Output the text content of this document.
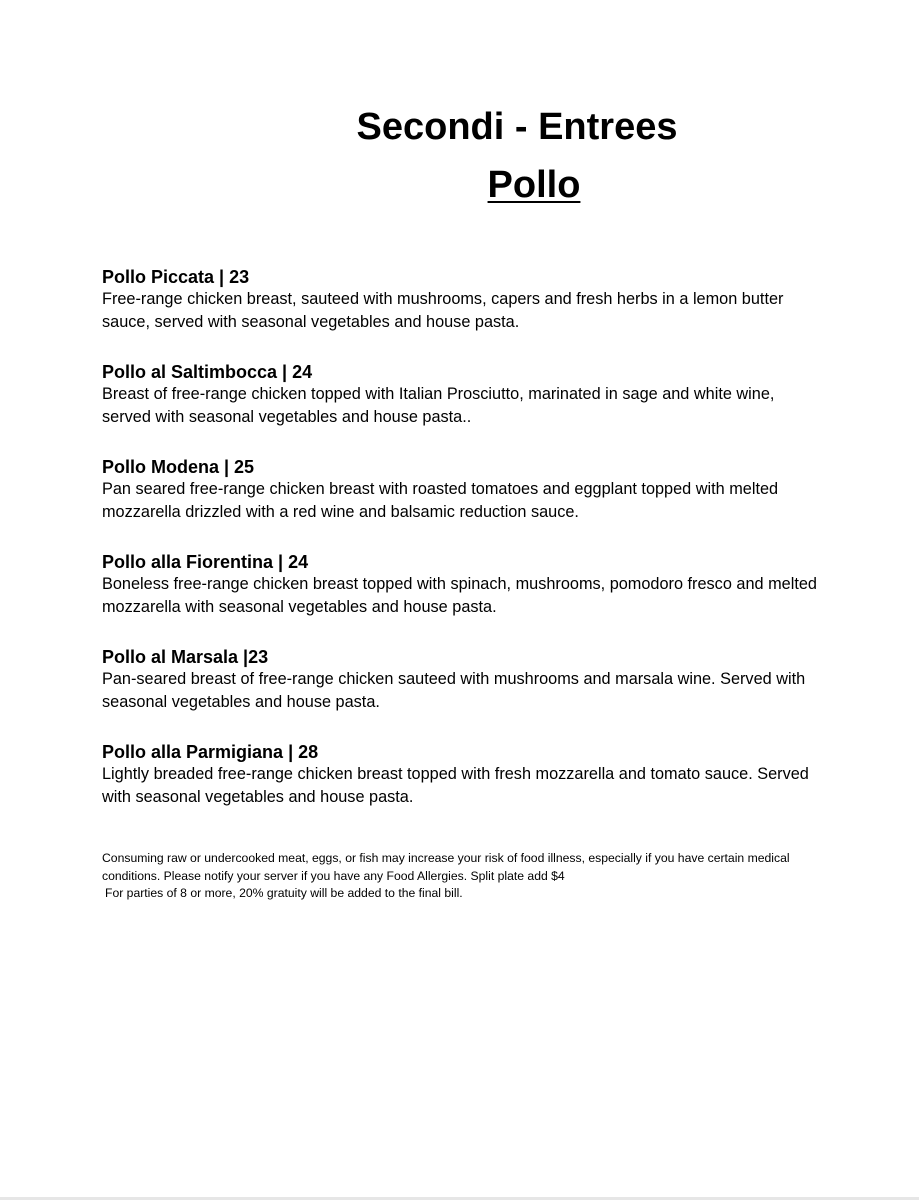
Secondi - Entrees
Pollo

Pollo Piccata | 23

Free-range chicken breast, sauteed with mushrooms, capers and fresh herbs in a lemon butter sauce, served with seasonal vegetables and house pasta.

Pollo al Saltimbocca | 24

Breast of free-range chicken topped with Italian Prosciutto, marinated in sage and white wine, served with seasonal vegetables and house pasta..

Pollo Modena | 25

Pan seared free-range chicken breast with roasted tomatoes and eggplant topped with melted mozzarella drizzled with a red wine and balsamic reduction sauce.

Pollo alla Fiorentina | 24

Boneless free-range chicken breast topped with spinach, mushrooms, pomodoro fresco and melted mozzarella with seasonal vegetables and house pasta.

Pollo al Marsala |23

Pan-seared breast of free-range chicken sauteed with mushrooms and marsala wine. Served with seasonal vegetables and house pasta.

Pollo alla Parmigiana | 28

Lightly breaded free-range chicken breast topped with fresh mozzarella and tomato sauce. Served with seasonal vegetables and house pasta.

Consuming raw or undercooked meat, eggs, or fish may increase your risk of food illness, especially if you have certain medical conditions. Please notify your server if you have any Food Allergies. Split plate add $4

For parties of 8 or more, 20% gratuity will be added to the final bill.
